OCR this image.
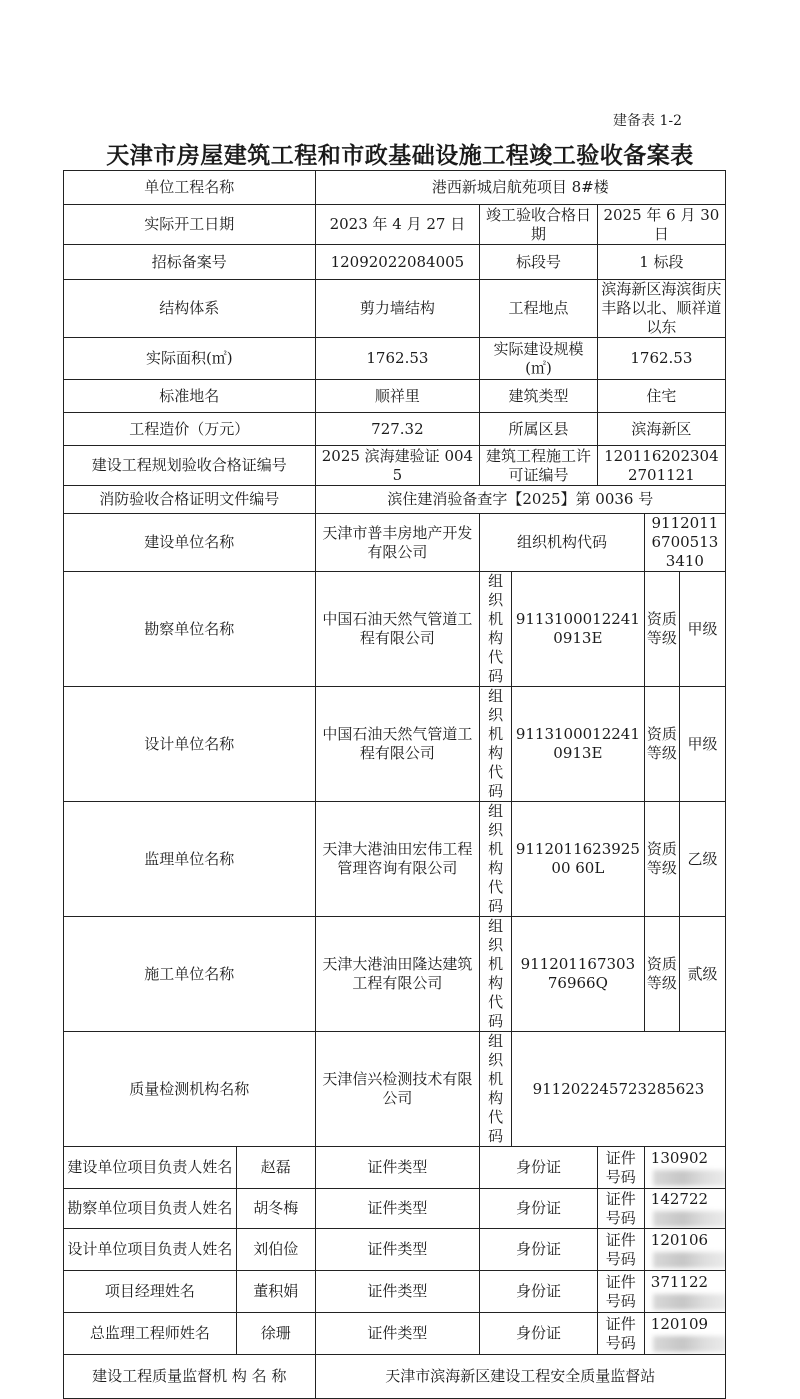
建备表 1-2
天津市房屋建筑工程和市政基础设施工程竣工验收备案表
单位工程名称		港西新城启航苑项目 8#楼					
实际开工日期		2023 年 4 月 27 日	竣工验收合格日期		2025 年 6 月 30 日		
招标备案号		12092022084005	标段号		1 标段		
结构体系		剪力墙结构	工程地点		滨海新区海滨街庆丰路以北、顺祥道以东		
实际面积(㎡)		1762.53	实际建设规模(㎡)		1762.53		
标准地名		顺祥里	建筑类型		住宅		
工程造价（万元）		727.32	所属区县		滨海新区		
建设工程规划验收合格证编号		2025 滨海建验证 0045	建筑工程施工许可证编号		1201162023042701121		
消防验收合格证明文件编号		滨住建消验备查字【2025】第 0036 号					
建设单位名称		天津市普丰房地产开发有限公司	组织机构代码			911201167005133410	
勘察单位名称		中国石油天然气管道工程有限公司	组织机构代码	91131000122410913E		资质等级	甲级
设计单位名称		中国石油天然气管道工程有限公司	组织机构代码	91131000122410913E		资质等级	甲级
监理单位名称		天津大港油田宏伟工程管理咨询有限公司	组织机构代码	911201162392500 60L		资质等级	乙级
施工单位名称		天津大港油田隆达建筑工程有限公司	组织机构代码	911201167303 76966Q		资质等级	贰级
质量检测机构名称		天津信兴检测技术有限公司	组织机构代码	911202245723285623			
建设单位项目负责人姓名	赵磊	证件类型	身份证		证件号码	130902	
勘察单位项目负责人姓名	胡冬梅	证件类型	身份证		证件号码	142722	
设计单位项目负责人姓名	刘伯俭	证件类型	身份证		证件号码	120106	
项目经理姓名	董积娟	证件类型	身份证		证件号码	371122	
总监理工程师姓名	徐珊	证件类型	身份证		证件号码	120109	
建设工程质量监督机 构 名 称		天津市滨海新区建设工程安全质量监督站					
